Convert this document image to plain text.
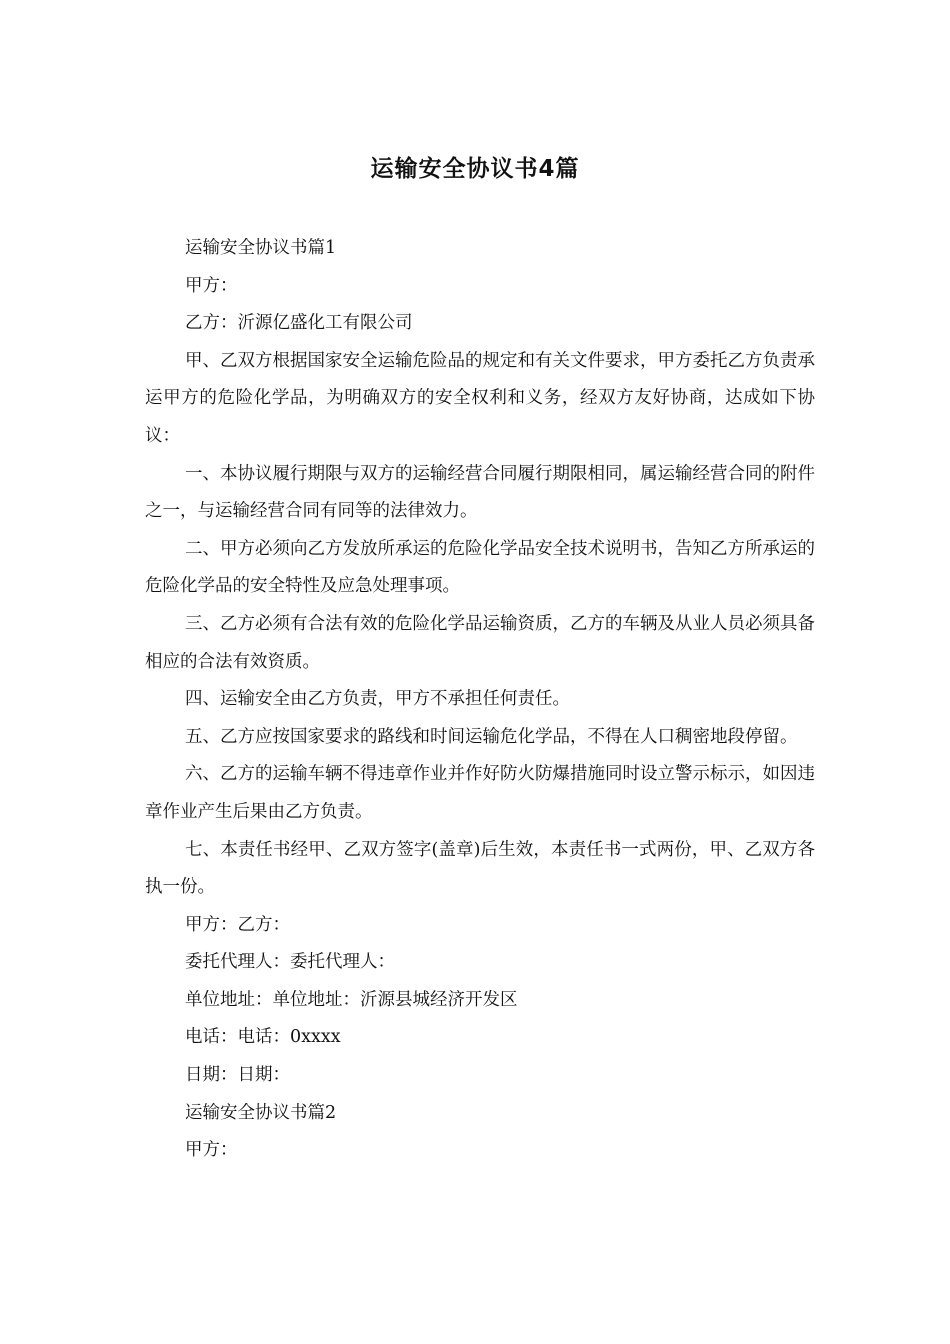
运输安全协议书4篇

运输安全协议书篇1

甲方：

乙方：沂源亿盛化工有限公司

甲、乙双方根据国家安全运输危险品的规定和有关文件要求，甲方委托乙方负责承运甲方的危险化学品，为明确双方的安全权利和义务，经双方友好协商，达成如下协议：

一、本协议履行期限与双方的运输经营合同履行期限相同，属运输经营合同的附件之一，与运输经营合同有同等的法律效力。

二、甲方必须向乙方发放所承运的危险化学品安全技术说明书，告知乙方所承运的危险化学品的安全特性及应急处理事项。

三、乙方必须有合法有效的危险化学品运输资质，乙方的车辆及从业人员必须具备相应的合法有效资质。

四、运输安全由乙方负责，甲方不承担任何责任。

五、乙方应按国家要求的路线和时间运输危化学品，不得在人口稠密地段停留。

六、乙方的运输车辆不得违章作业并作好防火防爆措施同时设立警示标示，如因违章作业产生后果由乙方负责。

七、本责任书经甲、乙双方签字(盖章)后生效，本责任书一式两份，甲、乙双方各执一份。

甲方：乙方：

委托代理人：委托代理人：

单位地址：单位地址：沂源县城经济开发区

电话：电话：0xxxx

日期：日期：

运输安全协议书篇2

甲方：
